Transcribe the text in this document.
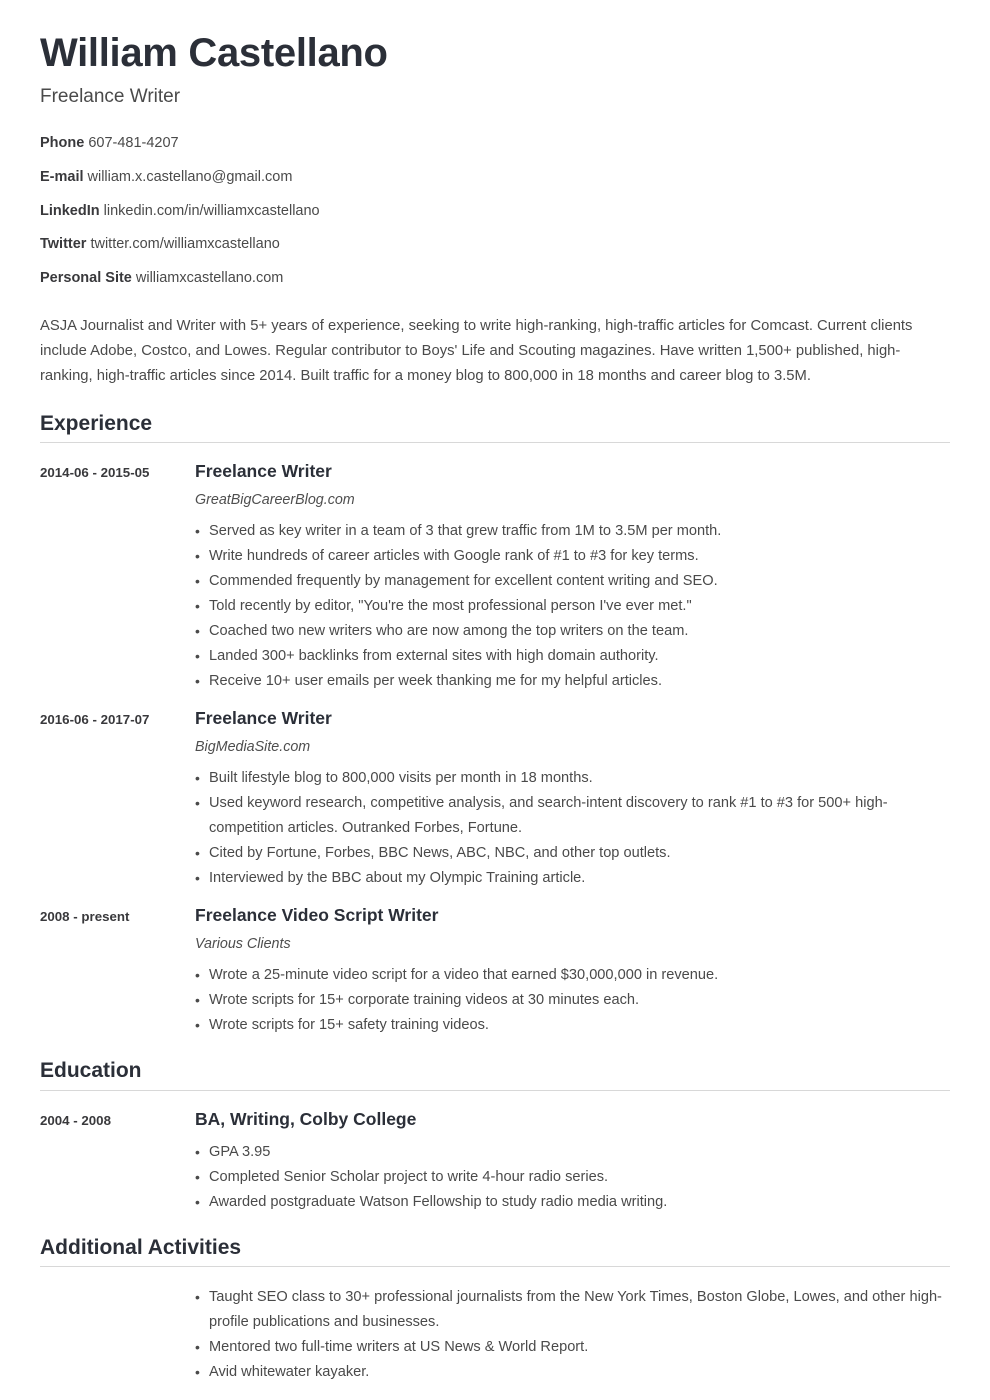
William Castellano
Freelance Writer
Phone 607-481-4207
E-mail william.x.castellano@gmail.com
LinkedIn linkedin.com/in/williamxcastellano
Twitter twitter.com/williamxcastellano
Personal Site williamxcastellano.com

ASJA Journalist and Writer with 5+ years of experience, seeking to write high-ranking, high-traffic articles for Comcast. Current clients include Adobe, Costco, and Lowes. Regular contributor to Boys' Life and Scouting magazines. Have written 1,500+ published, high-ranking, high-traffic articles since 2014. Built traffic for a money blog to 800,000 in 18 months and career blog to 3.5M.

Experience
2014-06 - 2015-05	Freelance Writer
GreatBigCareerBlog.com
• Served as key writer in a team of 3 that grew traffic from 1M to 3.5M per month.
• Write hundreds of career articles with Google rank of #1 to #3 for key terms.
• Commended frequently by management for excellent content writing and SEO.
• Told recently by editor, "You're the most professional person I've ever met."
• Coached two new writers who are now among the top writers on the team.
• Landed 300+ backlinks from external sites with high domain authority.
• Receive 10+ user emails per week thanking me for my helpful articles.
2016-06 - 2017-07	Freelance Writer
BigMediaSite.com
• Built lifestyle blog to 800,000 visits per month in 18 months.
• Used keyword research, competitive analysis, and search-intent discovery to rank #1 to #3 for 500+ high-competition articles. Outranked Forbes, Fortune.
• Cited by Fortune, Forbes, BBC News, ABC, NBC, and other top outlets.
• Interviewed by the BBC about my Olympic Training article.
2008 - present	Freelance Video Script Writer
Various Clients
• Wrote a 25-minute video script for a video that earned $30,000,000 in revenue.
• Wrote scripts for 15+ corporate training videos at 30 minutes each.
• Wrote scripts for 15+ safety training videos.
Education
2004 - 2008	BA, Writing, Colby College
• GPA 3.95
• Completed Senior Scholar project to write 4-hour radio series.
• Awarded postgraduate Watson Fellowship to study radio media writing.
Additional Activities
• Taught SEO class to 30+ professional journalists from the New York Times, Boston Globe, Lowes, and other high-profile publications and businesses.
• Mentored two full-time writers at US News & World Report.
• Avid whitewater kayaker.
